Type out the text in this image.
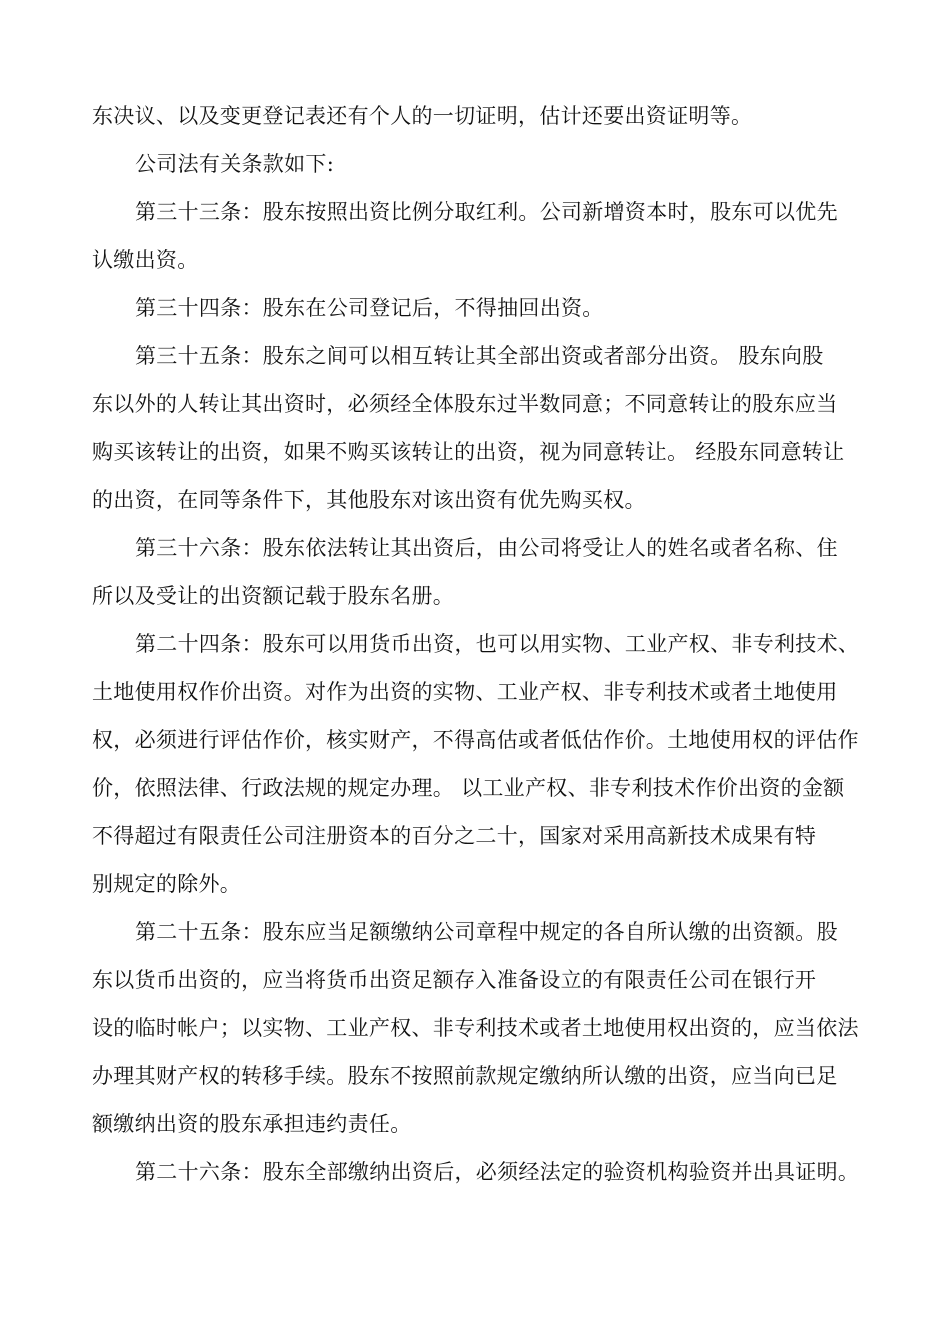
东决议、以及变更登记表还有个人的一切证明，估计还要出资证明等。
公司法有关条款如下:
第三十三条：股东按照出资比例分取红利。公司新增资本时，股东可以优先
认缴出资。
第三十四条：股东在公司登记后，不得抽回出资。
第三十五条：股东之间可以相互转让其全部出资或者部分出资。 股东向股
东以外的人转让其出资时，必须经全体股东过半数同意；不同意转让的股东应当
购买该转让的出资，如果不购买该转让的出资，视为同意转让。 经股东同意转让
的出资，在同等条件下，其他股东对该出资有优先购买权。
第三十六条：股东依法转让其出资后，由公司将受让人的姓名或者名称、住
所以及受让的出资额记载于股东名册。
第二十四条：股东可以用货币出资，也可以用实物、工业产权、非专利技术、
土地使用权作价出资。对作为出资的实物、工业产权、非专利技术或者土地使用
权，必须进行评估作价，核实财产，不得高估或者低估作价。土地使用权的评估作
价，依照法律、行政法规的规定办理。 以工业产权、非专利技术作价出资的金额
不得超过有限责任公司注册资本的百分之二十，国家对采用高新技术成果有特
别规定的除外。
第二十五条：股东应当足额缴纳公司章程中规定的各自所认缴的出资额。股
东以货币出资的，应当将货币出资足额存入准备设立的有限责任公司在银行开
设的临时帐户；以实物、工业产权、非专利技术或者土地使用权出资的，应当依法
办理其财产权的转移手续。股东不按照前款规定缴纳所认缴的出资，应当向已足
额缴纳出资的股东承担违约责任。
第二十六条：股东全部缴纳出资后，必须经法定的验资机构验资并出具证明。
